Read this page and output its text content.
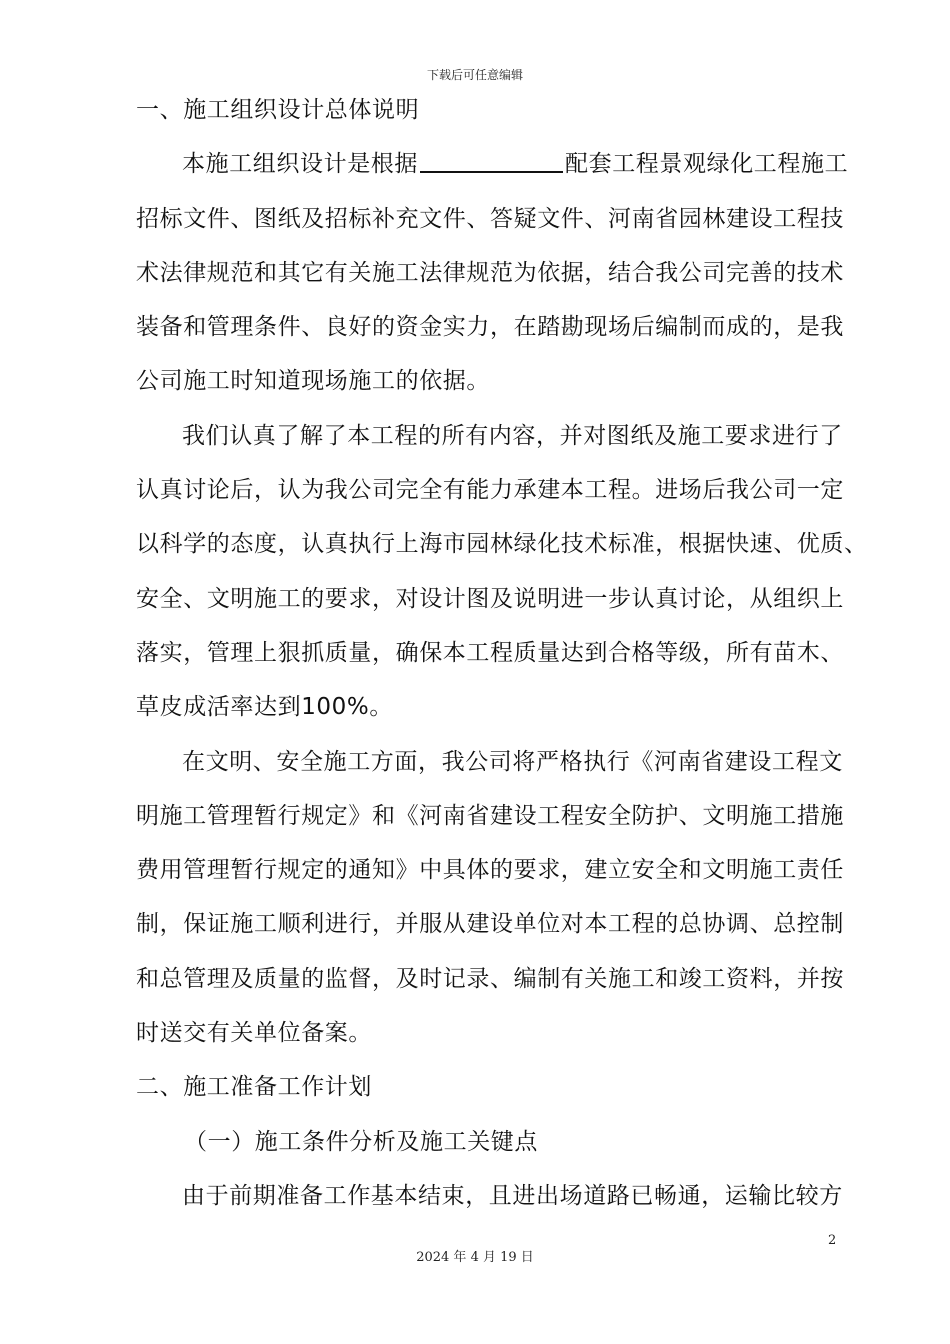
下载后可任意编辑
一、施工组织设计总体说明
本施工组织设计是根据	配套工程景观绿化工程施工
招标文件、图纸及招标补充文件、答疑文件、河南省园林建设工程技
术法律规范和其它有关施工法律规范为依据，结合我公司完善的技术
装备和管理条件、良好的资金实力，在踏勘现场后编制而成的，是我
公司施工时知道现场施工的依据。
我们认真了解了本工程的所有内容，并对图纸及施工要求进行了
认真讨论后，认为我公司完全有能力承建本工程。进场后我公司一定
以科学的态度，认真执行上海市园林绿化技术标准，根据快速、优质、
安全、文明施工的要求，对设计图及说明进一步认真讨论，从组织上
落实，管理上狠抓质量，确保本工程质量达到合格等级，所有苗木、
草皮成活率达到100%。
在文明、安全施工方面，我公司将严格执行《河南省建设工程文
明施工管理暂行规定》和《河南省建设工程安全防护、文明施工措施
费用管理暂行规定的通知》中具体的要求，建立安全和文明施工责任
制，保证施工顺利进行，并服从建设单位对本工程的总协调、总控制
和总管理及质量的监督，及时记录、编制有关施工和竣工资料，并按
时送交有关单位备案。
二、施工准备工作计划
（一）施工条件分析及施工关键点
由于前期准备工作基本结束，且进出场道路已畅通，运输比较方
2
2024 年 4 月 19 日
